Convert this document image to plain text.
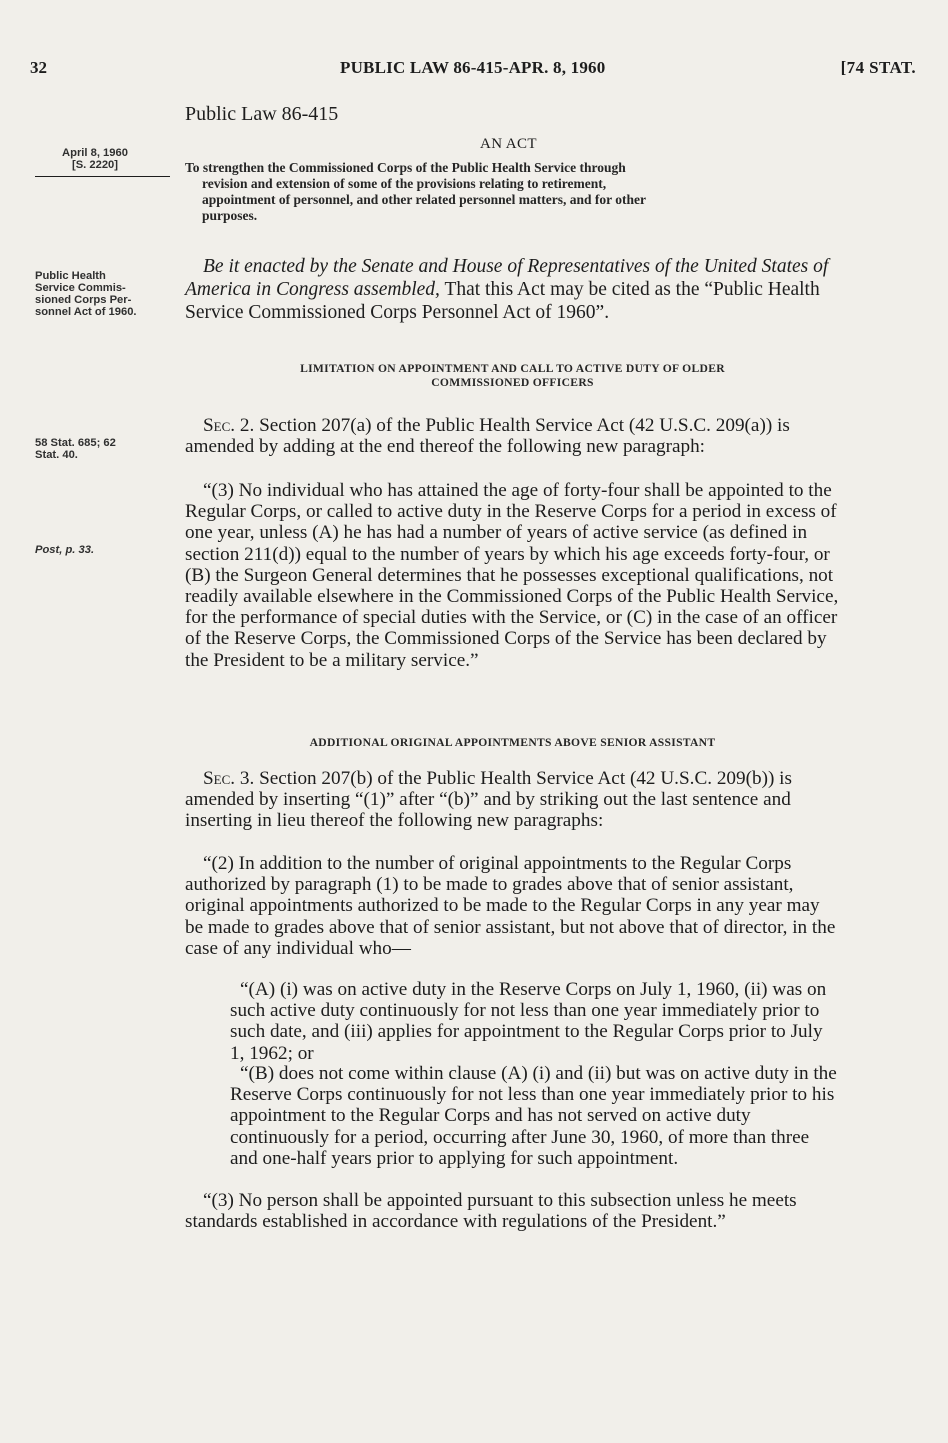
32	PUBLIC LAW 86-415-APR. 8, 1960	[74 STAT.
Public Law 86-415
AN ACT
April 8, 1960
[S. 2220]	To strengthen the Commissioned Corps of the Public Health Service through
revision and extension of some of the provisions relating to retirement,
appointment of personnel, and other related personnel matters, and for other
purposes.
Public Health
Service Commis-
sioned Corps Per-
sonnel Act of 1960.
Be it enacted by the Senate and House of Representatives of the United States of America in Congress assembled, That this Act may be cited as the “Public Health Service Commissioned Corps Personnel Act of 1960”.
LIMITATION ON APPOINTMENT AND CALL TO ACTIVE DUTY OF OLDER
COMMISSIONED OFFICERS
58 Stat. 685; 62
Stat. 40.
Sec. 2. Section 207(a) of the Public Health Service Act (42 U.S.C. 209(a)) is amended by adding at the end thereof the following new paragraph:
“(3) No individual who has attained the age of forty-four shall be appointed to the Regular Corps, or called to active duty in the Reserve Corps for a period in excess of one year, unless (A) he has had a number of years of active service (as defined in section 211(d)) equal to the number of years by which his age exceeds forty-four, or (B) the Surgeon General determines that he possesses exceptional qualifications, not readily available elsewhere in the Commissioned Corps of the Public Health Service, for the performance of special duties with the Service, or (C) in the case of an officer of the Reserve Corps, the Commissioned Corps of the Service has been declared by the President to be a military service.”
Post, p. 33.
ADDITIONAL ORIGINAL APPOINTMENTS ABOVE SENIOR ASSISTANT
Sec. 3. Section 207(b) of the Public Health Service Act (42 U.S.C. 209(b)) is amended by inserting “(1)” after “(b)” and by striking out the last sentence and inserting in lieu thereof the following new paragraphs:
“(2) In addition to the number of original appointments to the Regular Corps authorized by paragraph (1) to be made to grades above that of senior assistant, original appointments authorized to be made to the Regular Corps in any year may be made to grades above that of senior assistant, but not above that of director, in the case of any individual who—
“(A) (i) was on active duty in the Reserve Corps on July 1, 1960, (ii) was on such active duty continuously for not less than one year immediately prior to such date, and (iii) applies for appointment to the Regular Corps prior to July 1, 1962; or
“(B) does not come within clause (A) (i) and (ii) but was on active duty in the Reserve Corps continuously for not less than one year immediately prior to his appointment to the Regular Corps and has not served on active duty continuously for a period, occurring after June 30, 1960, of more than three and one-half years prior to applying for such appointment.
“(3) No person shall be appointed pursuant to this subsection unless he meets standards established in accordance with regulations of the President.”
